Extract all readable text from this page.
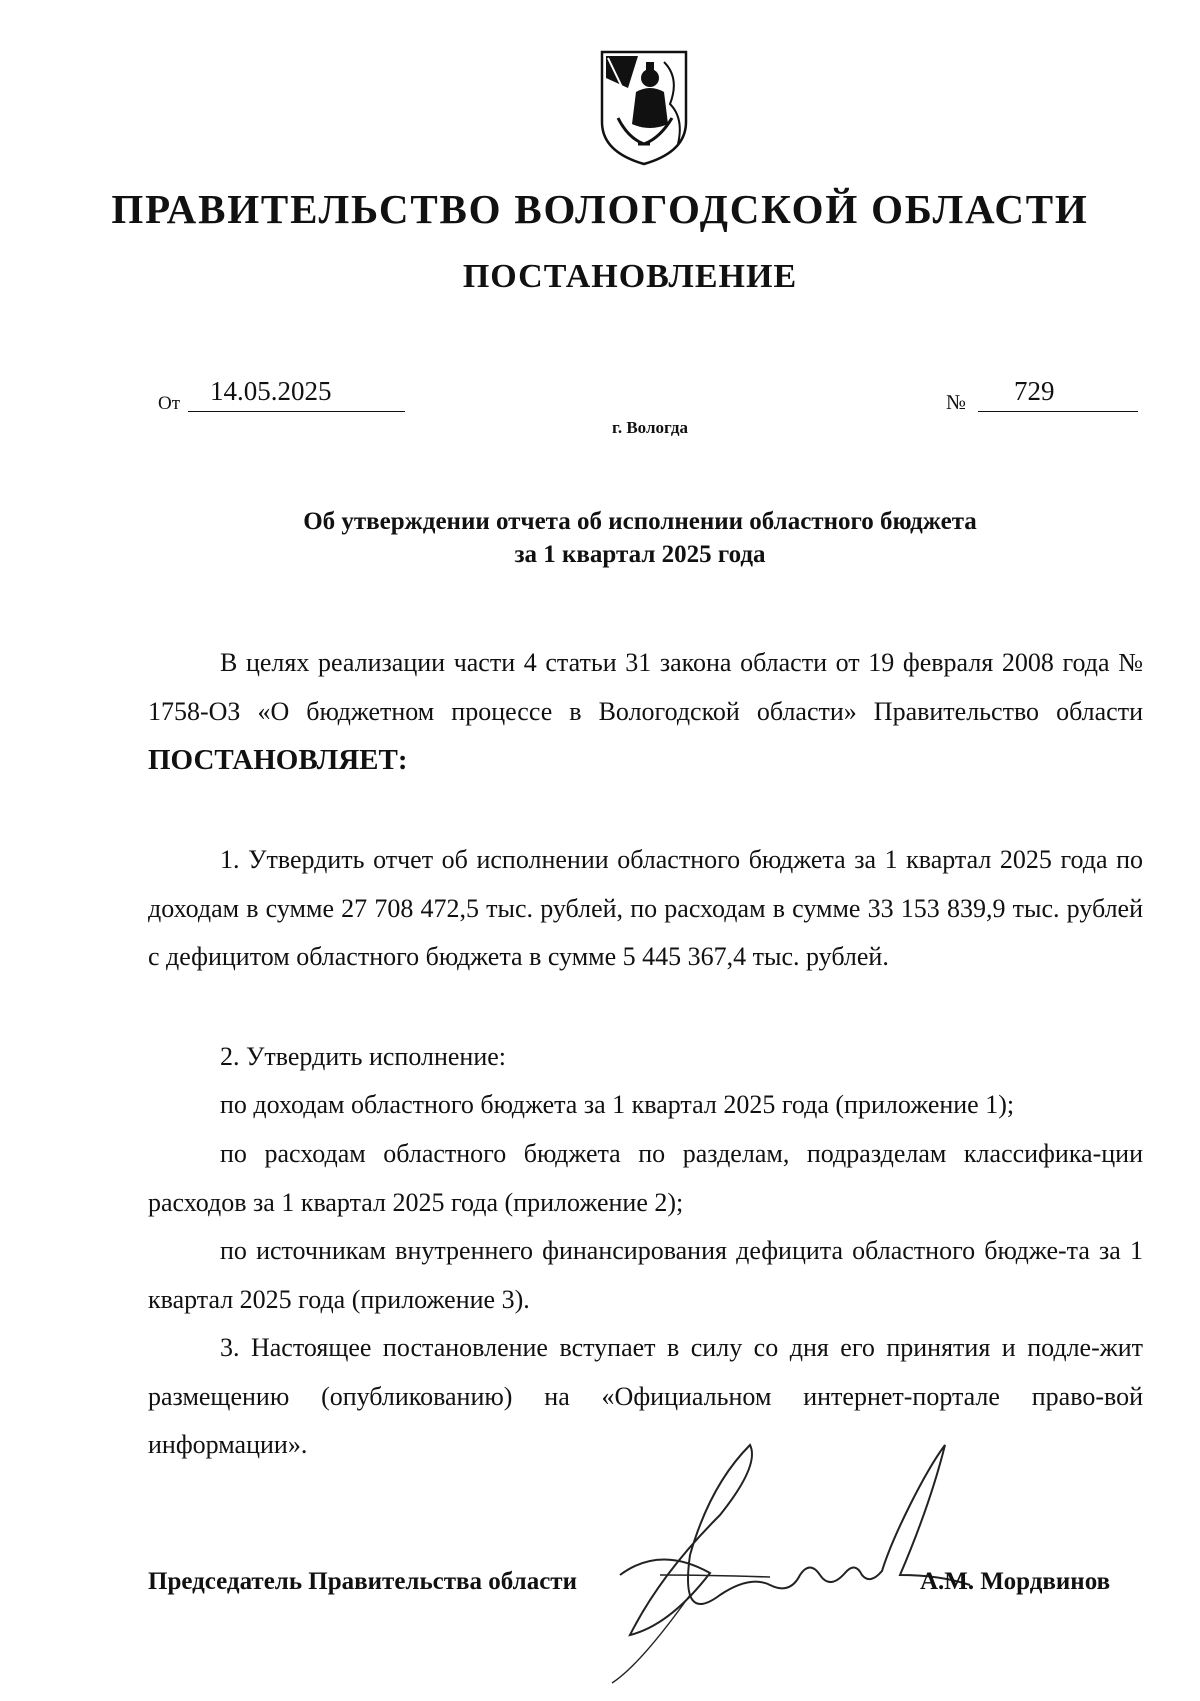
ПРАВИТЕЛЬСТВО ВОЛОГОДСКОЙ ОБЛАСТИ
ПОСТАНОВЛЕНИЕ
От	14.05.2025	№	729
г. Вологда
Об утверждении отчета об исполнении областного бюджета
за 1 квартал 2025 года

В целях реализации части 4 статьи 31 закона области от 19 февраля 2008 года № 1758-ОЗ «О бюджетном процессе в Вологодской области» Правительство области ПОСТАНОВЛЯЕТ:

1. Утвердить отчет об исполнении областного бюджета за 1 квартал 2025 года по доходам в сумме 27 708 472,5 тыс. рублей, по расходам в сумме 33 153 839,9 тыс. рублей с дефицитом областного бюджета в сумме 5 445 367,4 тыс. рублей.

2. Утвердить исполнение:

по доходам областного бюджета за 1 квартал 2025 года (приложение 1);

по расходам областного бюджета по разделам, подразделам классифика-ции расходов за 1 квартал 2025 года (приложение 2);

по источникам внутреннего финансирования дефицита областного бюдже-та за 1 квартал 2025 года (приложение 3).

3. Настоящее постановление вступает в силу со дня его принятия и подле-жит размещению (опубликованию) на «Официальном интернет-портале право-вой информации».

Председатель Правительства области	А.М. Мордвинов
